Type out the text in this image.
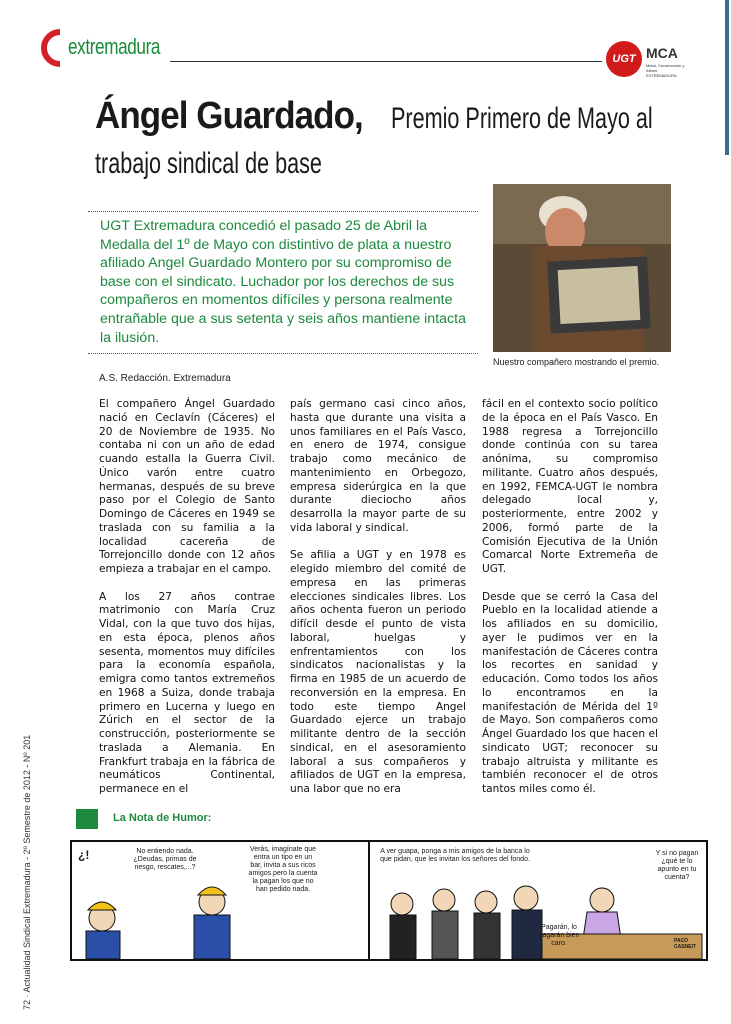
extremadura	UGT MCA
Metal, Construcción y Afines EXTREMADURA
Ángel Guardado, Premio Primero de Mayo al
trabajo sindical de base
Nuestro compañero mostrando el premio.
UGT Extremadura concedió el pasado 25 de Abril la Medalla del 1º de Mayo con distintivo de plata a nuestro afiliado Angel Guardado Montero por su compromiso de base con el sindicato. Luchador por los derechos de sus compañeros en momentos difíciles y persona realmente entrañable que a sus setenta y seis años mantiene intacta la ilusión.
A.S. Redacción. Extremadura

El compañero Ángel Guardado nació en Ceclavín (Cáceres) el 20 de Noviembre de 1935. No contaba ni con un año de edad cuando estalla la Guerra Civil. Único varón entre cuatro hermanas, después de su breve paso por el Colegio de Santo Domingo de Cáceres en 1949 se traslada con su familia a la localidad cacereña de Torrejoncillo donde con 12 años empieza a trabajar en el campo.

A los 27 años contrae matrimonio con María Cruz Vidal, con la que tuvo dos hijas, en esta época, plenos años sesenta, momentos muy difíciles para la economía española, emigra como tantos extremeños en 1968 a Suiza, donde trabaja primero en Lucerna y luego en Zúrich en el sector de la construcción, posteriormente se traslada a Alemania. En Frankfurt trabaja en la fábrica de neumáticos Continental, permanece en el

país germano casi cinco años, hasta que durante una visita a unos familiares en el País Vasco, en enero de 1974, consigue trabajo como mecánico de mantenimiento en Orbegozo, empresa siderúrgica en la que durante dieciocho años desarrolla la mayor parte de su vida laboral y sindical.

Se afilia a UGT y en 1978 es elegido miembro del comité de empresa en las primeras elecciones sindicales libres. Los años ochenta fueron un periodo difícil desde el punto de vista laboral, huelgas y enfrentamientos con los sindicatos nacionalistas y la firma en 1985 de un acuerdo de reconversión en la empresa. En todo este tiempo Angel Guardado ejerce un trabajo militante dentro de la sección sindical, en el asesoramiento laboral a sus compañeros y afiliados de UGT en la empresa, una labor que no era

fácil en el contexto socio político de la época en el País Vasco. En 1988 regresa a Torrejoncillo donde continúa con su tarea anónima, su compromiso militante. Cuatro años después, en 1992, FEMCA-UGT le nombra delegado local y, posteriormente, entre 2002 y 2006, formó parte de la Comisión Ejecutiva de la Unión Comarcal Norte Extremeña de UGT.

Desde que se cerró la Casa del Pueblo en la localidad atiende a los afiliados en su domicilio, ayer le pudimos ver en la manifestación de Cáceres contra los recortes en sanidad y educación. Como todos los años lo encontramos en la manifestación de Mérida del 1º de Mayo. Son compañeros como Ángel Guardado los que hacen el sindicato UGT; reconocer su trabajo altruista y militante es también reconocer el de otros tantos miles como él.

72 · Actualidad Sindical Extremadura - 2º Semestre de 2012 - Nº 201	La Nota de Humor:
¿!	No entiendo nada. ¿Deudas, primas de riesgo, rescates,...?
Verás, imagínate que entra un tipo en un bar, invita a sus ricos amigos pero la cuenta la pagan los que no han pedido nada.
A ver guapa, ponga a mis amigos de la banca lo que pidan, que les invitan los señores del fondo.
Y si no pagan ¿qué te lo apunto en tu cuenta?
Pagarán, lo pagarán bien caro.	PACO CASNEIT
